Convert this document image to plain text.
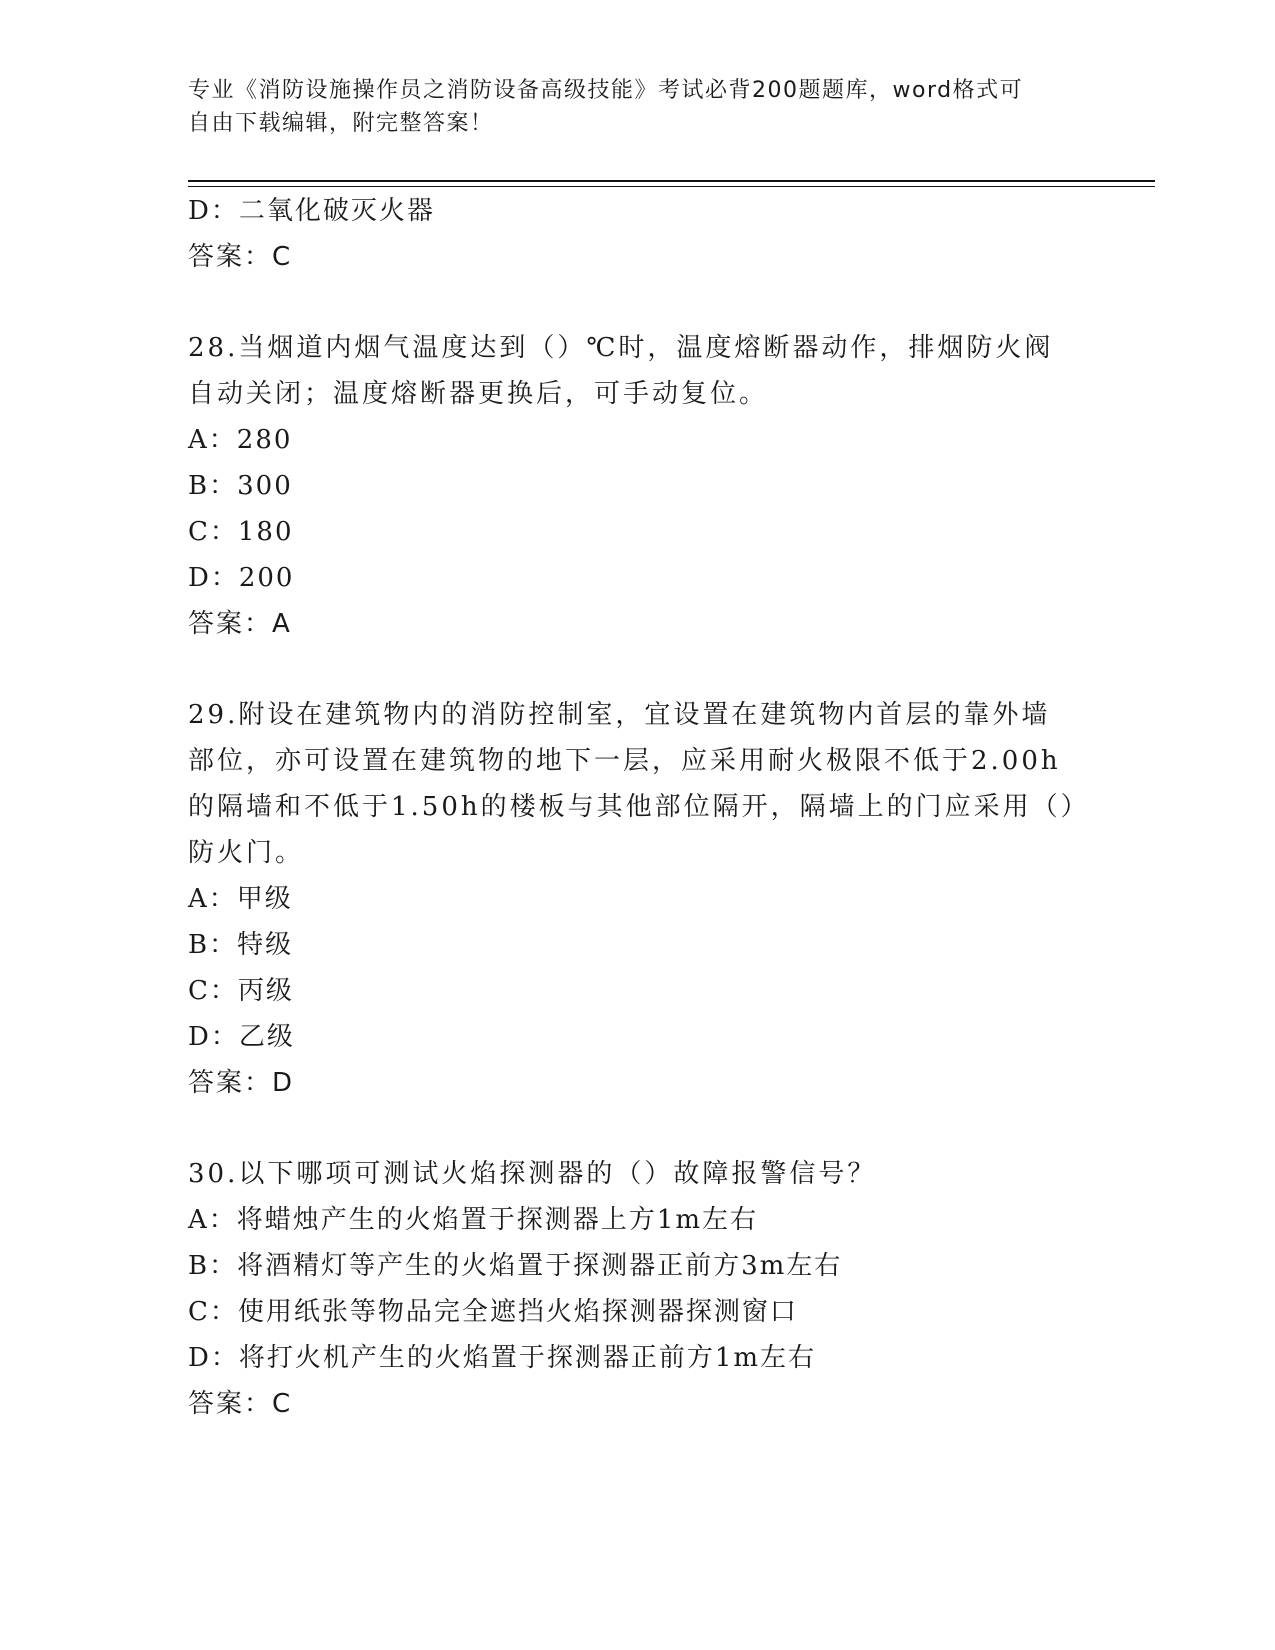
专业《消防设施操作员之消防设备高级技能》考试必背200题题库，word格式可
自由下载编辑，附完整答案！
D：二氧化破灭火器
答案：C
28.当烟道内烟气温度达到（）℃时，温度熔断器动作，排烟防火阀自动关闭；温度熔断器更换后，可手动复位。
A：280
B：300
C：180
D：200
答案：A
29.附设在建筑物内的消防控制室，宜设置在建筑物内首层的靠外墙部位，亦可设置在建筑物的地下一层，应采用耐火极限不低于2.00h的隔墙和不低于1.50h的楼板与其他部位隔开，隔墙上的门应采用（）防火门。
A：甲级
B：特级
C：丙级
D：乙级
答案：D
30.以下哪项可测试火焰探测器的（）故障报警信号？
A：将蜡烛产生的火焰置于探测器上方1m左右
B：将酒精灯等产生的火焰置于探测器正前方3m左右
C：使用纸张等物品完全遮挡火焰探测器探测窗口
D：将打火机产生的火焰置于探测器正前方1m左右
答案：C
